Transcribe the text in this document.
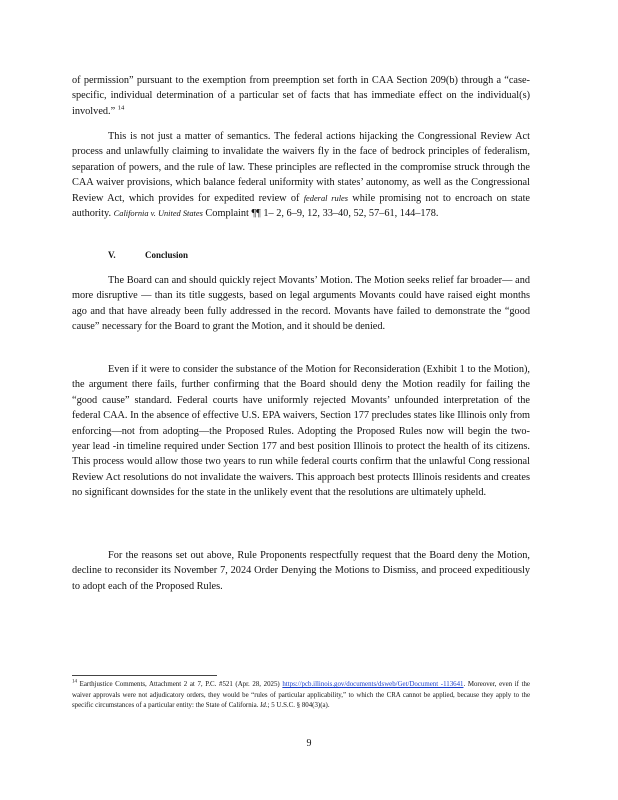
of permission” pursuant to the exemption from preemption set forth in CAA Section 209(b) through a “case- specific, individual determination of a particular set of facts that has immediate effect on the individual(s) involved.” $^{14}$
This is not just a matter of semantics. The federal actions hijacking the Congressional Review Act process and unlawfully claiming to invalidate the waivers fly in the face of bedrock principles of federalism, separation of powers, and the rule of law. These principles are reflected in the compromise struck through the CAA waiver provisions, which balance federal uniformity with states’ autonomy, as well as the Congressional Review Act, which provides for expedited review of federal rules while promising not to encroach on state authority. California v. United States Complaint ¶¶ 1– 2, 6–9, 12, 33–40, 52, 57–61, 144–178.
V.	Conclusion
The Board can and should quickly reject Movants’ Motion. The Motion seeks relief far broader— and more disruptive — than its title suggests, based on legal arguments Movants could have raised eight months ago and that have already been fully addressed in the record. Movants have failed to demonstrate the “good cause” necessary for the Board to grant the Motion, and it should be denied.
Even if it were to consider the substance of the Motion for Reconsideration (Exhibit 1 to the Motion), the argument there fails, further confirming that the Board should deny the Motion readily for failing the “good cause” standard. Federal courts have uniformly rejected Movants’ unfounded interpretation of the federal CAA. In the absence of effective U.S. EPA waivers, Section 177 precludes states like Illinois only from enforcing—not from adopting—the Proposed Rules. Adopting the Proposed Rules now will begin the two- year lead -in timeline required under Section 177 and best position Illinois to protect the health of its citizens. This process would allow those two years to run while federal courts confirm that the unlawful Cong ressional Review Act resolutions do not invalidate the waivers. This approach best protects Illinois residents and creates no significant downsides for the state in the unlikely event that the resolutions are ultimately upheld.
For the reasons set out above, Rule Proponents respectfully request that the Board deny the Motion, decline to reconsider its November 7, 2024 Order Denying the Motions to Dismiss, and proceed expeditiously to adopt each of the Proposed Rules.
$^{14}$ Earthjustice Comments, Attachment 2 at 7, P.C. #521 (Apr. 28, 2025) https://pcb.illinois.gov/documents/dsweb/Get/Document -113641. Moreover, even if the waiver approvals were not adjudicatory orders, they would be “rules of particular applicability,” to which the CRA cannot be applied, because they apply to the specific circumstances of a particular entity: the State of California. Id.; 5 U.S.C. § 804(3)(a).
9
